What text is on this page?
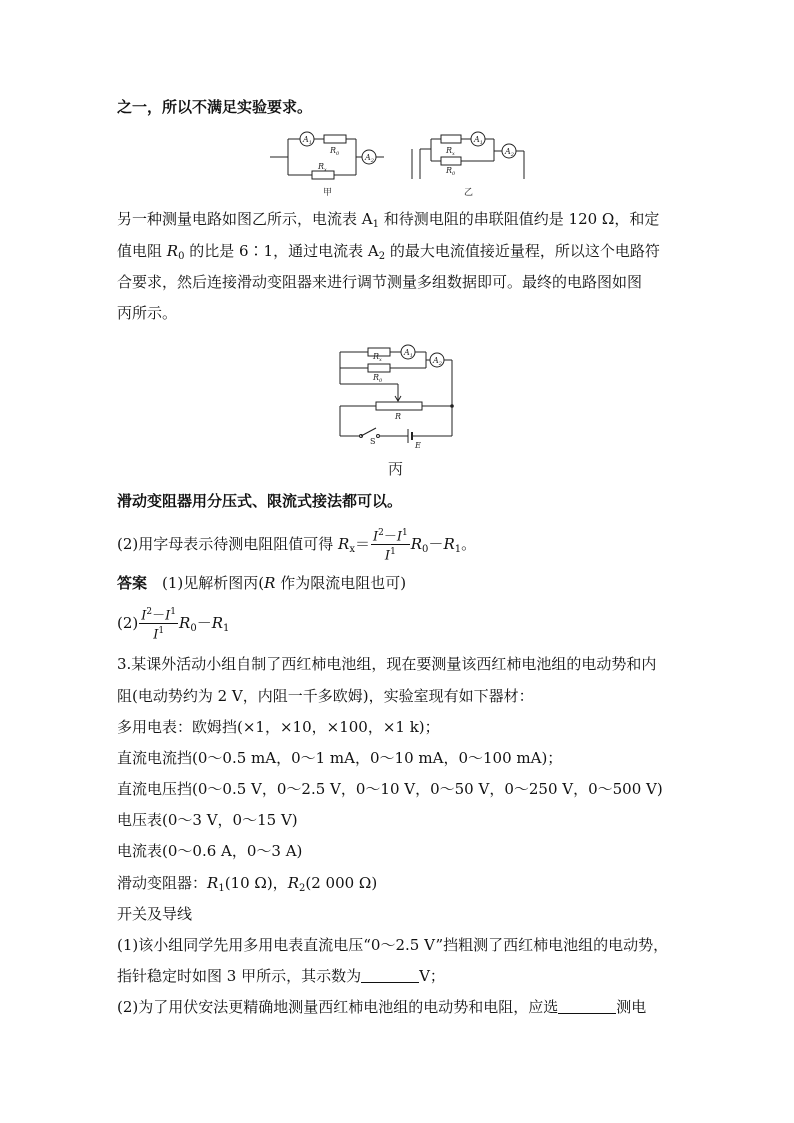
之一，所以不满足实验要求。
$A_1$
$R_0$	$A_2$
$R_x$
$R_x$
$A_1$
$R_0$
$A_2$
甲	乙
另一种测量电路如图乙所示，电流表 $A_1$ 和待测电阻的串联阻值约是 120 Ω，和定
值电阻 $R_0$ 的比是 6∶1，通过电流表 $A_2$ 的最大电流值接近量程，所以这个电路符
合要求，然后连接滑动变阻器来进行调节测量多组数据即可。最终的电路图如图
丙所示。
$R_x$
$A_1$
$R_0$
$A_2$
R
E
S
丙
滑动变阻器用分压式、限流式接法都可以。
(2)用字母表示待测电阻阻值可得 $R_x= \frac{I^2-I^1}{I^1} R_0-R_1$。
答案　(1)见解析图丙(R 作为限流电阻也可)
$(2) \frac{I^2-I^1}{I^1} R_0-R_1$
3.某课外活动小组自制了西红柿电池组，现在要测量该西红柿电池组的电动势和内
阻(电动势约为 2 V，内阻一千多欧姆)，实验室现有如下器材：
多用电表：欧姆挡(×1，×10，×100，×1 k)；
直流电流挡(0～0.5 mA，0～1 mA，0～10 mA，0～100 mA)；
直流电压挡(0～0.5 V，0～2.5 V，0～10 V，0～50 V，0～250 V，0～500 V)
电压表(0～3 V，0～15 V)
电流表(0～0.6 A，0～3 A)
滑动变阻器：$R_1(10$ Ω)，$R_2(2$ 000 Ω)
开关及导线
(1)该小组同学先用多用电表直流电压“0～2.5 V”挡粗测了西红柿电池组的电动势，
指针稳定时如图 3 甲所示，其示数为	V；
(2)为了用伏安法更精确地测量西红柿电池组的电动势和电阻，应选	测电
